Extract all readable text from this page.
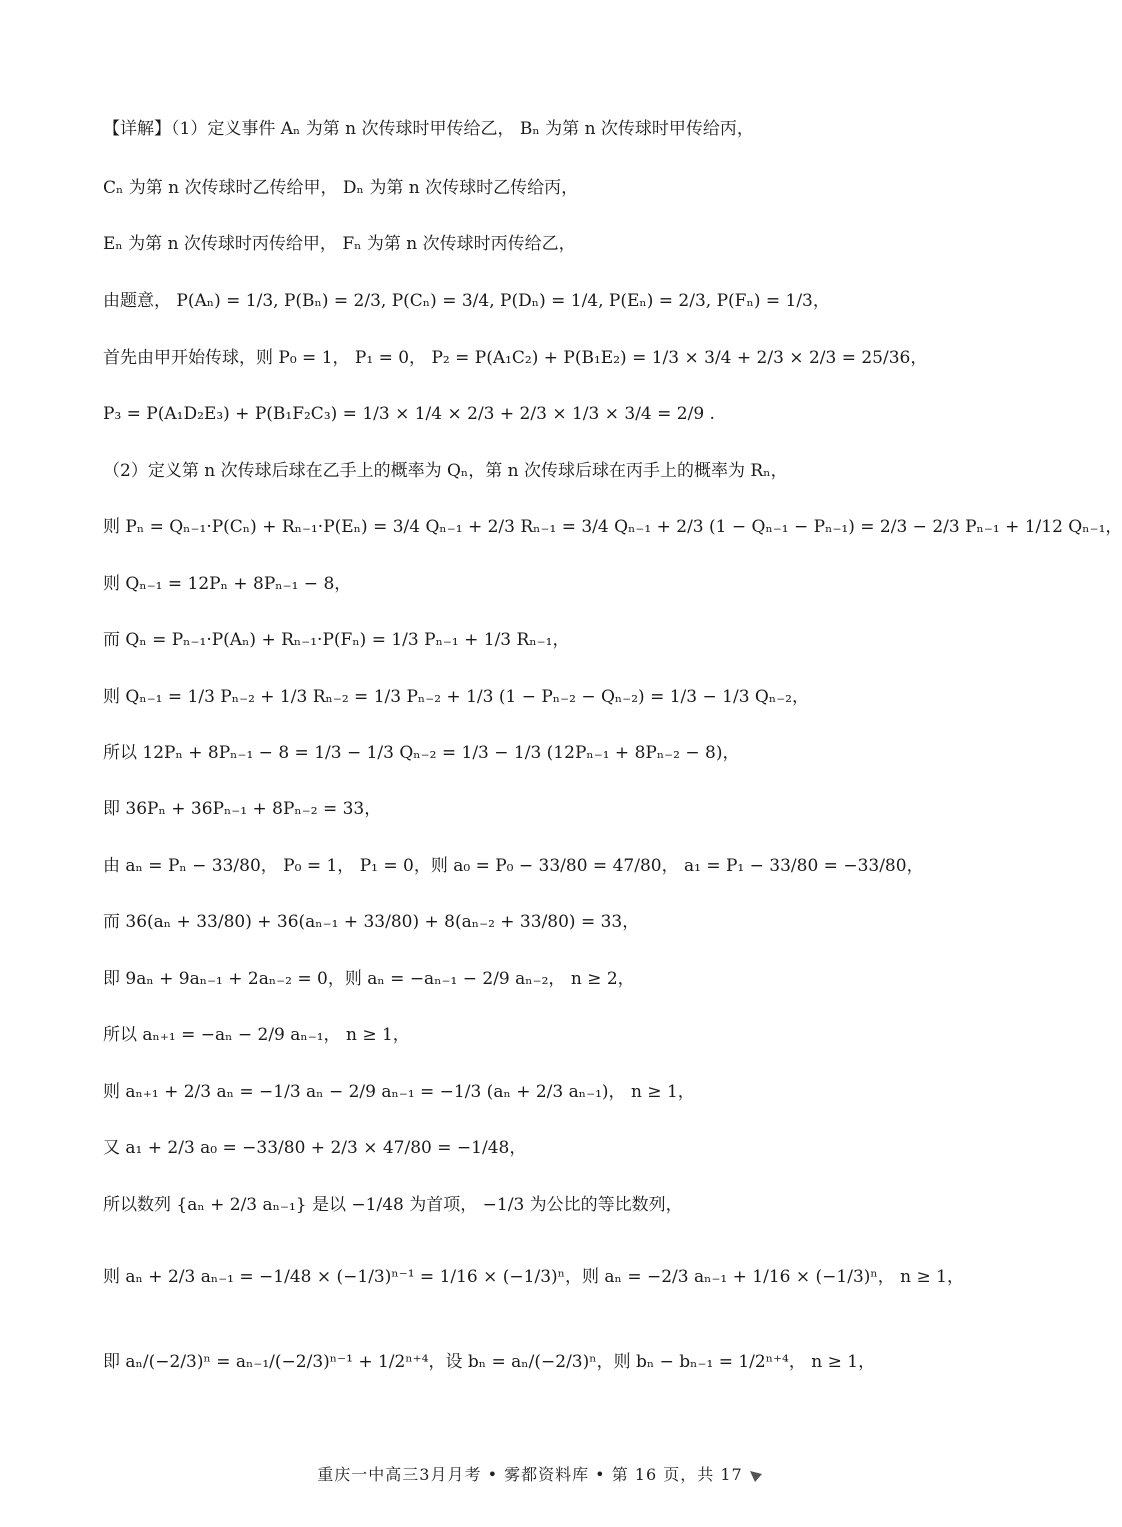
【详解】（1）定义事件 Aₙ 为第 n 次传球时甲传给乙， Bₙ 为第 n 次传球时甲传给丙，
Cₙ 为第 n 次传球时乙传给甲， Dₙ 为第 n 次传球时乙传给丙，
Eₙ 为第 n 次传球时丙传给甲， Fₙ 为第 n 次传球时丙传给乙，
由题意， P(Aₙ) = 1/3, P(Bₙ) = 2/3, P(Cₙ) = 3/4, P(Dₙ) = 1/4, P(Eₙ) = 2/3, P(Fₙ) = 1/3，
首先由甲开始传球，则 P₀ = 1， P₁ = 0， P₂ = P(A₁C₂) + P(B₁E₂) = 1/3 × 3/4 + 2/3 × 2/3 = 25/36，
P₃ = P(A₁D₂E₃) + P(B₁F₂C₃) = 1/3 × 1/4 × 2/3 + 2/3 × 1/3 × 3/4 = 2/9 .
（2）定义第 n 次传球后球在乙手上的概率为 Qₙ，第 n 次传球后球在丙手上的概率为 Rₙ，
则 Pₙ = Qₙ₋₁·P(Cₙ) + Rₙ₋₁·P(Eₙ) = 3/4 Qₙ₋₁ + 2/3 Rₙ₋₁ = 3/4 Qₙ₋₁ + 2/3 (1 − Qₙ₋₁ − Pₙ₋₁) = 2/3 − 2/3 Pₙ₋₁ + 1/12 Qₙ₋₁，
则 Qₙ₋₁ = 12Pₙ + 8Pₙ₋₁ − 8，
而 Qₙ = Pₙ₋₁·P(Aₙ) + Rₙ₋₁·P(Fₙ) = 1/3 Pₙ₋₁ + 1/3 Rₙ₋₁，
则 Qₙ₋₁ = 1/3 Pₙ₋₂ + 1/3 Rₙ₋₂ = 1/3 Pₙ₋₂ + 1/3 (1 − Pₙ₋₂ − Qₙ₋₂) = 1/3 − 1/3 Qₙ₋₂，
所以 12Pₙ + 8Pₙ₋₁ − 8 = 1/3 − 1/3 Qₙ₋₂ = 1/3 − 1/3 (12Pₙ₋₁ + 8Pₙ₋₂ − 8)，
即 36Pₙ + 36Pₙ₋₁ + 8Pₙ₋₂ = 33，
由 aₙ = Pₙ − 33/80， P₀ = 1， P₁ = 0，则 a₀ = P₀ − 33/80 = 47/80， a₁ = P₁ − 33/80 = −33/80，
而 36(aₙ + 33/80) + 36(aₙ₋₁ + 33/80) + 8(aₙ₋₂ + 33/80) = 33，
即 9aₙ + 9aₙ₋₁ + 2aₙ₋₂ = 0，则 aₙ = −aₙ₋₁ − 2/9 aₙ₋₂， n ≥ 2，
所以 aₙ₊₁ = −aₙ − 2/9 aₙ₋₁， n ≥ 1，
则 aₙ₊₁ + 2/3 aₙ = −1/3 aₙ − 2/9 aₙ₋₁ = −1/3 (aₙ + 2/3 aₙ₋₁)， n ≥ 1，
又 a₁ + 2/3 a₀ = −33/80 + 2/3 × 47/80 = −1/48，
所以数列 {aₙ + 2/3 aₙ₋₁} 是以 −1/48 为首项， −1/3 为公比的等比数列，
则 aₙ + 2/3 aₙ₋₁ = −1/48 × (−1/3)ⁿ⁻¹ = 1/16 × (−1/3)ⁿ，则 aₙ = −2/3 aₙ₋₁ + 1/16 × (−1/3)ⁿ， n ≥ 1，
即 aₙ/(−2/3)ⁿ = aₙ₋₁/(−2/3)ⁿ⁻¹ + 1/2ⁿ⁺⁴，设 bₙ = aₙ/(−2/3)ⁿ，则 bₙ − bₙ₋₁ = 1/2ⁿ⁺⁴， n ≥ 1，
重庆一中高三3月月考 • 雾都资料库 • 第 16 页，共 17
